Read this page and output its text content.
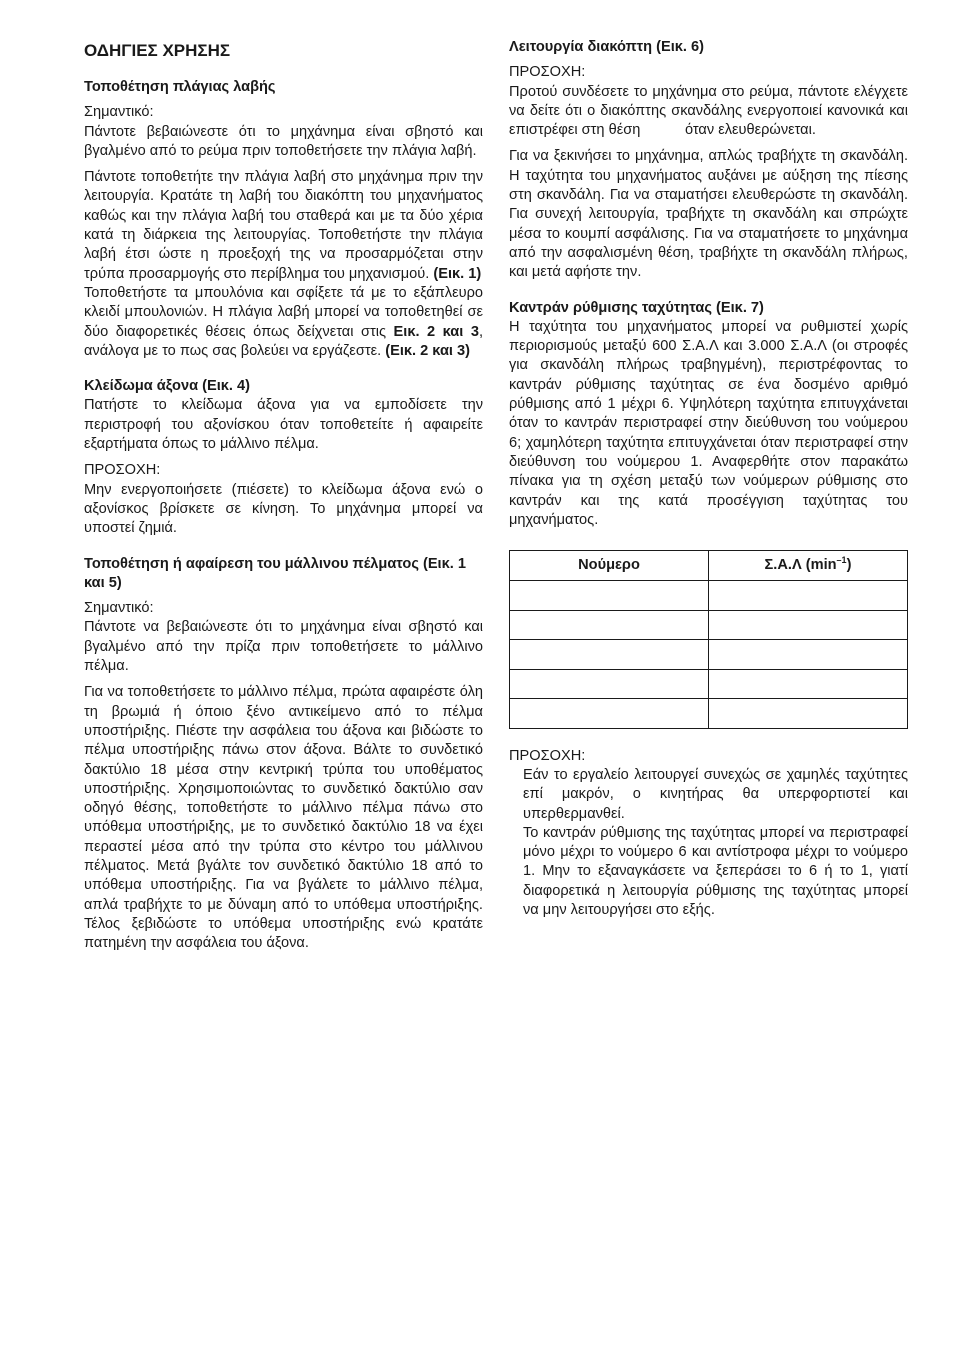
ΟΔΗΓΙΕΣ ΧΡΗΣΗΣ
Τοποθέτηση πλάγιας λαβής
Σημαντικό:

Πάντοτε βεβαιώνεστε ότι το μηχάνημα είναι σβηστό και βγαλμένο από το ρεύμα πριν τοποθετήσετε την πλάγια λαβή.

Πάντοτε τοποθετήτε την πλάγια λαβή στο μηχάνημα πριν την λειτουργία. Κρατάτε τη λαβή του διακόπτη του μηχανήματος καθώς και την πλάγια λαβή του σταθερά και με τα δύο χέρια κατά τη διάρκεια της λειτουργίας. Τοποθετήστε την πλάγια λαβή έτσι ώστε η προεξοχή της να προσαρμόζεται στην τρύπα προσαρμογής στο περίβλημα του μηχανισμού. (Εικ. 1)

Τοποθετήστε τα μπουλόνια και σφίξετε τά με το εξάπλευρο κλειδί μπουλονιών. Η πλάγια λαβή μπορεί να τοποθετηθεί σε δύο διαφορετικές θέσεις όπως δείχνεται στις Εικ. 2 και 3, ανάλογα με το πως σας βολεύει να εργάζεστε. (Εικ. 2 και 3)

Κλείδωμα άξονα (Εικ. 4)

Πατήστε το κλείδωμα άξονα για να εμποδίσετε την περιστροφή του αξονίσκου όταν τοποθετείτε ή αφαιρείτε εξαρτήματα όπως το μάλλινο πέλμα.

ΠΡΟΣΟΧΗ:

Μην ενεργοποιήσετε (πιέσετε) το κλείδωμα άξονα ενώ ο αξονίσκος βρίσκετε σε κίνηση. Το μηχάνημα μπορεί να υποστεί ζημιά.

Τοποθέτηση ή αφαίρεση του μάλλινου πέλματος (Εικ. 1 και 5)
Σημαντικό:

Πάντοτε να βεβαιώνεστε ότι το μηχάνημα είναι σβηστό και βγαλμένο από την πρίζα πριν τοποθετήσετε το μάλλινο πέλμα.

Για να τοποθετήσετε το μάλλινο πέλμα, πρώτα αφαιρέστε όλη τη βρωμιά ή όποιο ξένο αντικείμενο από το πέλμα υποστήριξης. Πιέστε την ασφάλεια του άξονα και βιδώστε το πέλμα υποστήριξης πάνω στον άξονα. Βάλτε το συνδετικό δακτύλιο 18 μέσα στην κεντρική τρύπα του υποθέματος υποστήριξης. Χρησιμοποιώντας το συνδετικό δακτύλιο σαν οδηγό θέσης, τοποθετήστε το μάλλινο πέλμα πάνω στο υπόθεμα υποστήριξης, με το συνδετικό δακτύλιο 18 να έχει περαστεί μέσα από την τρύπα στο κέντρο του μάλλινου πέλματος. Μετά βγάλτε τον συνδετικό δακτύλιο 18 από το υπόθεμα υποστήριξης. Για να βγάλετε το μάλλινο πέλμα, απλά τραβήχτε το με δύναμη από το υπόθεμα υποστήριξης. Τέλος ξεβιδώστε το υπόθεμα υποστήριξης ενώ κρατάτε πατημένη την ασφάλεια του άξονα.

Λειτουργία διακόπτη (Εικ. 6)
ΠΡΟΣΟΧΗ:

Προτού συνδέσετε το μηχάνημα στο ρεύμα, πάντοτε ελέγχετε να δείτε ότι ο διακόπτης σκανδάλης ενεργοποιεί κανονικά και επιστρέφει στη θέση           όταν ελευθερώνεται.

Για να ξεκινήσει το μηχάνημα, απλώς τραβήχτε τη σκανδάλη. Η ταχύτητα του μηχανήματος αυξάνει με αύξηση της πίεσης στη σκανδάλη. Για να σταματήσει ελευθερώστε τη σκανδάλη. Για συνεχή λειτουργία, τραβήχτε τη σκανδάλη και σπρώχτε μέσα το κουμπί ασφάλισης. Για να σταματήσετε το μηχάνημα από την ασφαλισμένη θέση, τραβήχτε τη σκανδάλη πλήρως, και μετά αφήστε την.

Καντράν ρύθμισης ταχύτητας (Εικ. 7)

Η ταχύτητα του μηχανήματος μπορεί να ρυθμιστεί χωρίς περιορισμούς μεταξύ 600 Σ.Α.Λ και 3.000 Σ.Α.Λ (οι στροφές για σκανδάλη πλήρως τραβηγμένη), περιστρέφοντας το καντράν ρύθμισης ταχύτητας σε ένα δοσμένο αριθμό ρύθμισης από 1 μέχρι 6. Υψηλότερη ταχύτητα επιτυγχάνεται όταν το καντράν περιστραφεί στην διεύθυνση του νούμερου 6; χαμηλότερη ταχύτητα επιτυγχάνεται όταν περιστραφεί στην διεύθυνση του νούμερου 1. Αναφερθήτε στον παρακάτω πίνακα για τη σχέση μεταξύ των νούμερων ρύθμισης στο καντράν και της κατά προσέγγιση ταχύτητας του μηχανήματος.

Νούμερο	Σ.Α.Λ $(\min^{-1})$

ΠΡΟΣΟΧΗ:

Εάν το εργαλείο λειτουργεί συνεχώς σε χαμηλές ταχύτητες επί μακρόν, ο κινητήρας θα υπερφορτιστεί και υπερθερμανθεί.

Το καντράν ρύθμισης της ταχύτητας μπορεί να περιστραφεί μόνο μέχρι το νούμερο 6 και αντίστροφα μέχρι το νούμερο 1. Μην το εξαναγκάσετε να ξεπεράσει το 6 ή το 1, γιατί διαφορετικά η λειτουργία ρύθμισης της ταχύτητας μπορεί να μην λειτουργήσει στο εξής.
